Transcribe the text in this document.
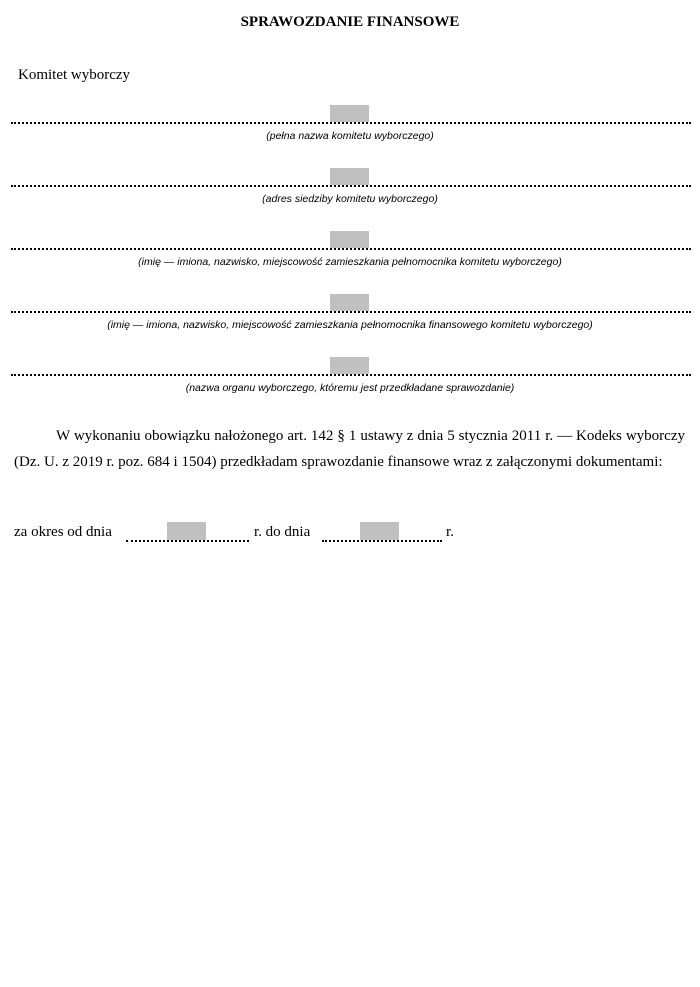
SPRAWOZDANIE FINANSOWE
Komitet wyborczy
(pełna nazwa komitetu wyborczego)
(adres siedziby komitetu wyborczego)
(imię — imiona, nazwisko, miejscowość zamieszkania pełnomocnika komitetu wyborczego)
(imię — imiona, nazwisko, miejscowość zamieszkania pełnomocnika finansowego komitetu wyborczego)
(nazwa organu wyborczego, któremu jest przedkładane sprawozdanie)
W wykonaniu obowiązku nałożonego art. 142 § 1 ustawy z dnia 5 stycznia 2011 r. — Kodeks wyborczy (Dz. U. z 2019 r. poz. 684 i 1504) przedkładam sprawozdanie finansowe wraz z załączonymi dokumentami:
za okres od dnia	r. do dnia	r.
